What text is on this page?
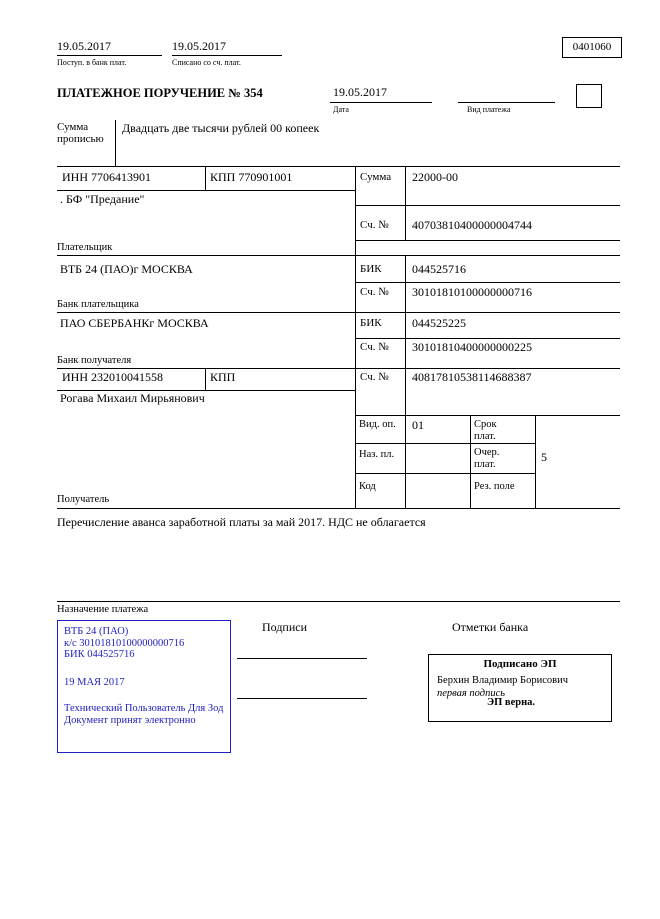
19.05.2017
Поступ. в банк плат.
19.05.2017
Списано со сч. плат.
0401060
ПЛАТЕЖНОЕ ПОРУЧЕНИЕ № 354	19.05.2017
Дата	Вид платежа
Сумма прописью
Двадцать две тысячи рублей 00 копеек
ИНН 7706413901	КПП 770901001	Сумма 22000-00
. БФ "Предание"
Сч. № 40703810400000004744
Плательщик
ВТБ 24 (ПАО)г МОСКВА	БИК	044525716
Сч. № 30101810100000000716
Банк плательщика
ПАО СБЕРБАНКг МОСКВА	БИК	044525225
Сч. № 30101810400000000225
Банк получателя
ИНН 232010041558	КПП	Сч. № 40817810538114688387
Рогава Михаил Мирьянович
Вид. оп. 01	Срок плат.
Наз. пл.	Очер. плат.	5
Код	Рез. поле
Получатель
Перечисление аванса заработной платы за май 2017. НДС не облагается
Назначение платежа
Подписи	Отметки банка
ВТБ 24 (ПАО)
к/с 30101810100000000716
БИК 044525716
19 МАЯ 2017
Технический Пользователь Для Зод
Документ принят электронно
Подписано ЭП
Берхин Владимир Борисович
первая подпись
ЭП верна.
